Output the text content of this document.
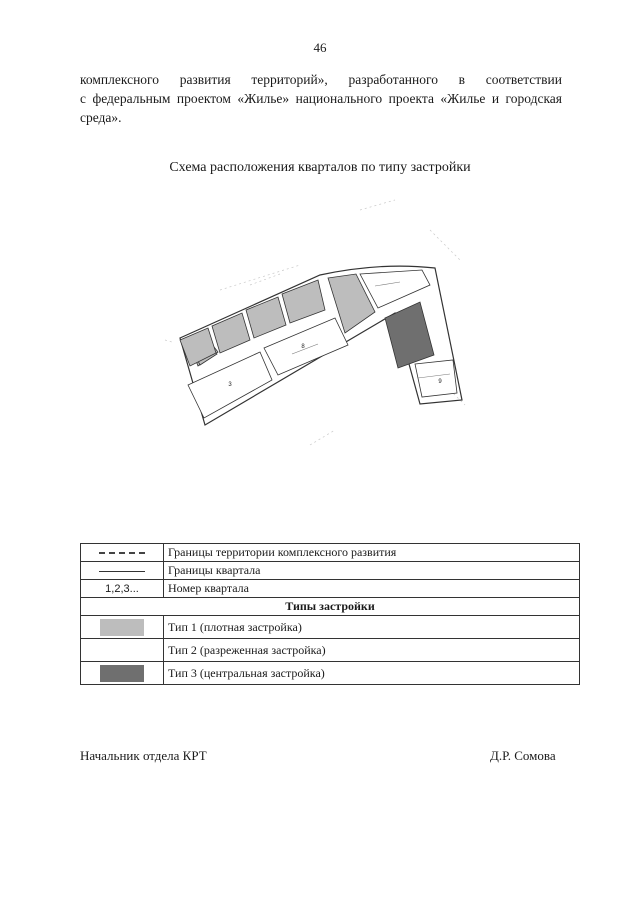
46
комплексного развития территорий», разработанного в соответствии
с федеральным проектом «Жилье» национального проекта «Жилье и городская
среда».
Схема расположения кварталов по типу застройки
3
8
9
	Границы территории комплексного развития
	Границы квартала
1,2,3...	Номер квартала
Типы застройки	
	Тип 1 (плотная застройка)
	Тип 2 (разреженная застройка)
	Тип 3 (центральная застройка)
Начальник отдела КРТ	Д.Р. Сомова
